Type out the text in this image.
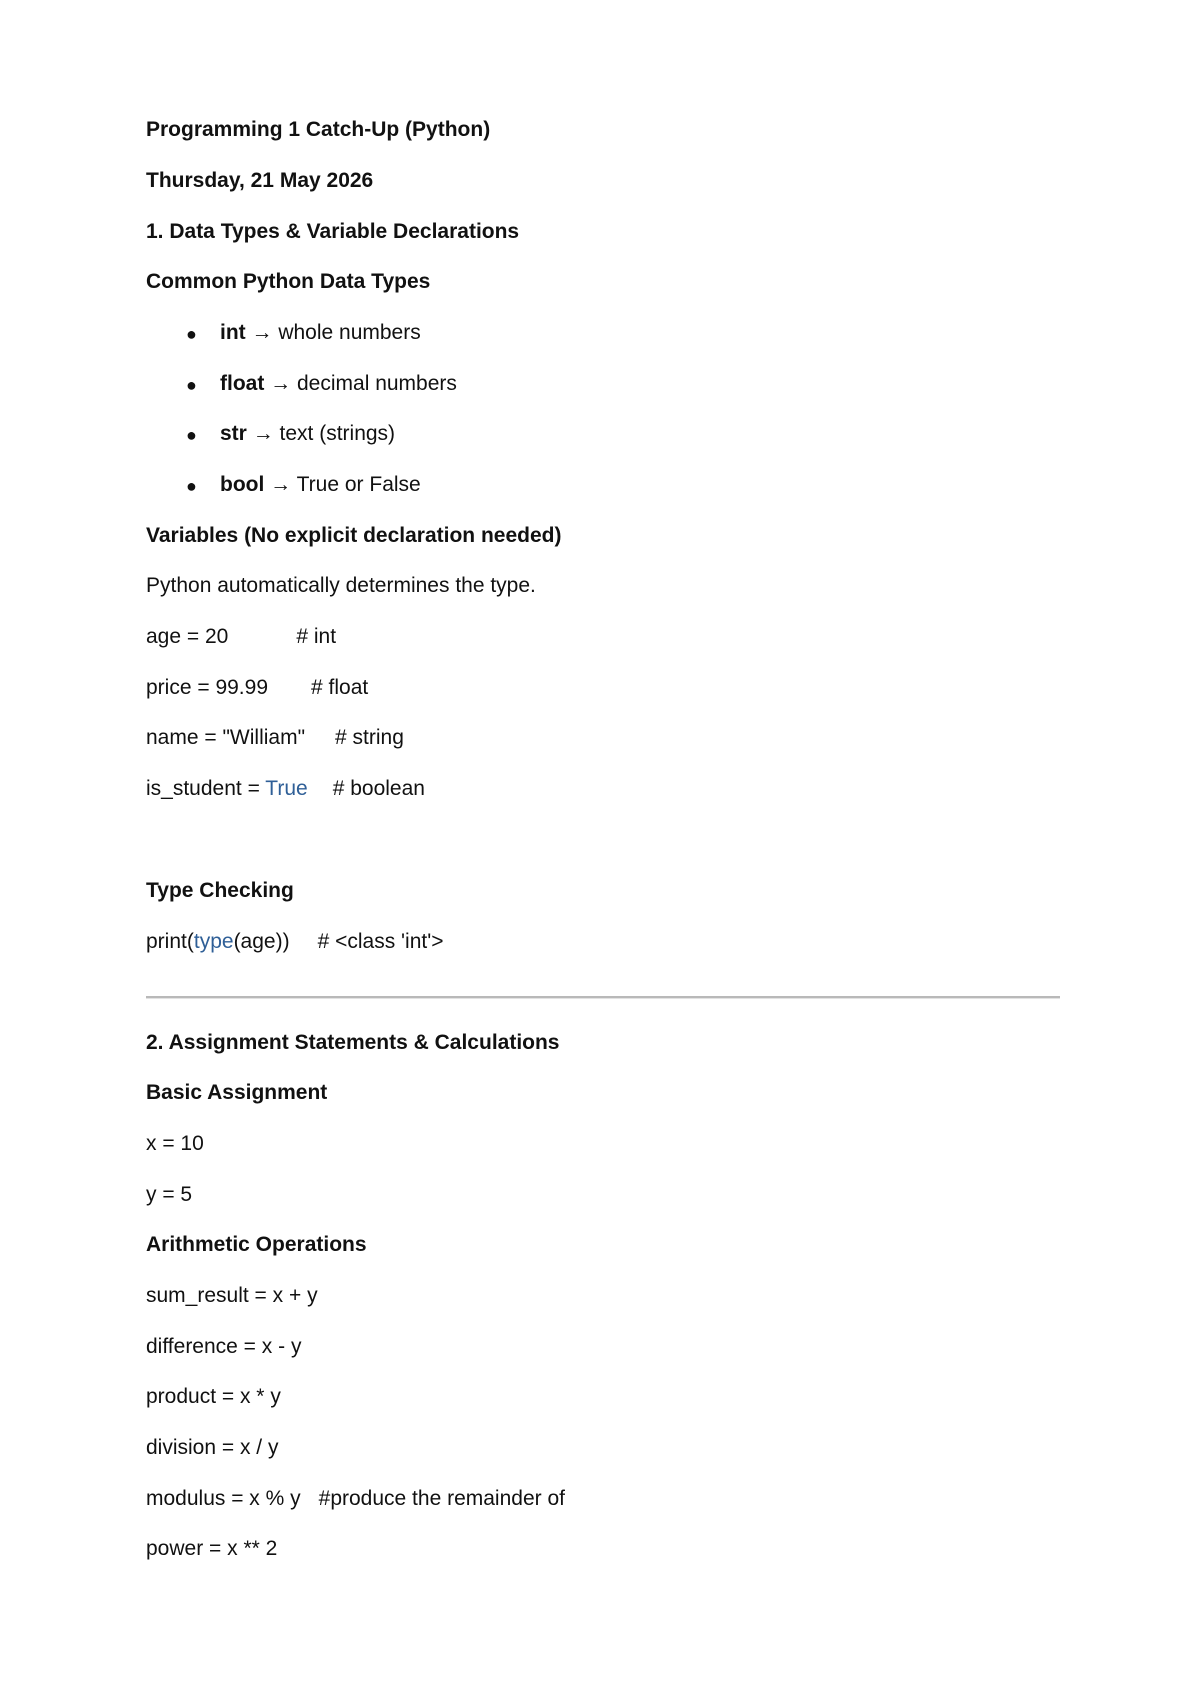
Programming 1 Catch-Up (Python)

Thursday, 21 May 2026

1. Data Types & Variable Declarations

Common Python Data Types

● int → whole numbers
● float → decimal numbers
● str → text (strings)
● bool → True or False

Variables (No explicit declaration needed)

Python automatically determines the type.

age = 20	# int

price = 99.99 # float

name = "William" # string

is_student = True # boolean

Type Checking

print(type(age)) # <class 'int'>

2. Assignment Statements & Calculations

Basic Assignment

x = 10

y = 5

Arithmetic Operations

sum_result = x + y

difference = x - y

product = x * y

division = x / y

modulus = x % y #produce the remainder of

power = x ** 2
